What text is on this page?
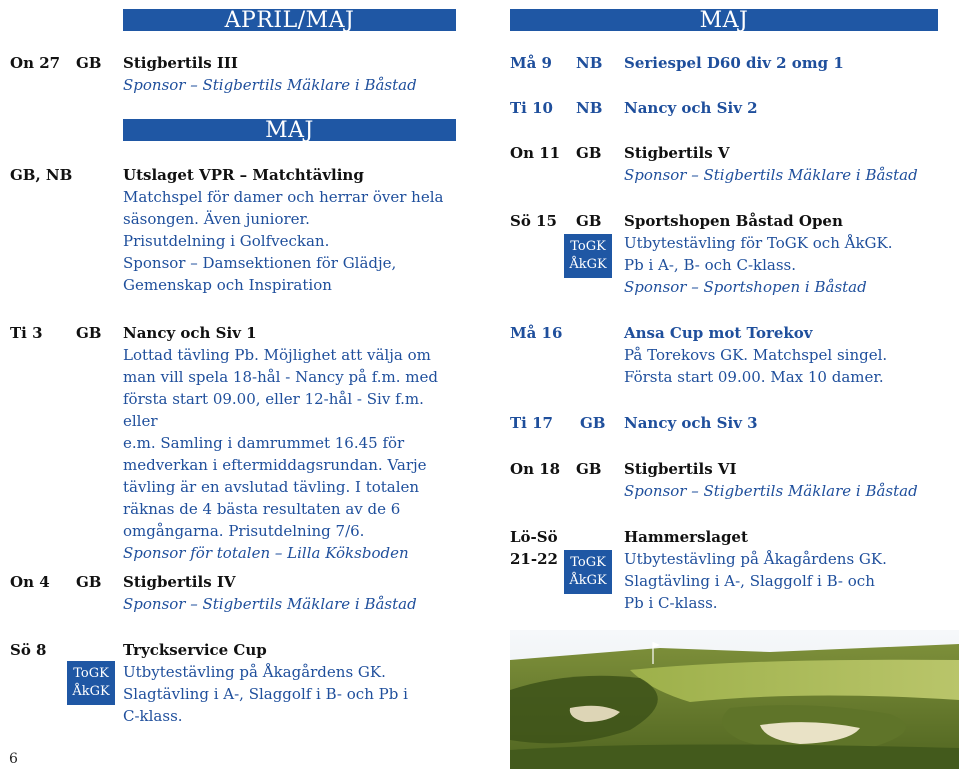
APRIL/MAJ
On 27 GB Stigbertils III
Sponsor – Stigbertils Mäklare i Båstad
MAJ
GB, NB	Utslaget VPR – Matchtävling
Matchspel för damer och herrar över hela
säsongen. Även juniorer.
Prisutdelning i Golfveckan.
Sponsor – Damsektionen för Glädje,
Gemenskap och Inspiration
Ti 3 GB Nancy och Siv 1
Lottad tävling Pb. Möjlighet att välja om
man vill spela 18-hål - Nancy på f.m. med
första start 09.00, eller 12-hål - Siv f.m. eller
e.m. Samling i damrummet 16.45 för
medverkan i eftermiddagsrundan. Varje
tävling är en avslutad tävling. I totalen
räknas de 4 bästa resultaten av de 6
omgångarna. Prisutdelning 7/6.
Sponsor för totalen – Lilla Köksboden
On 4 GB Stigbertils IV
Sponsor – Stigbertils Mäklare i Båstad
Sö 8
ToGK
ÅkGK
Tryckservice Cup
Utbytestävling på Åkagårdens GK.
Slagtävling i A-, Slaggolf i B- och Pb i
C-klass.
6
MAJ
Må 9 NB Seriespel D60 div 2 omg 1
Ti 10 NB Nancy och Siv 2
On 11 GB Stigbertils V
Sponsor – Stigbertils Mäklare i Båstad
Sö 15 GB
ToGK
ÅkGK
Sportshopen Båstad Open
Utbytestävling för ToGK och ÅkGK.
Pb i A-, B- och C-klass.
Sponsor – Sportshopen i Båstad
Må 16	Ansa Cup mot Torekov
På Torekovs GK. Matchspel singel.
Första start 09.00. Max 10 damer.
Ti 17 GB Nancy och Siv 3
On 18 GB Stigbertils VI
Sponsor – Stigbertils Mäklare i Båstad
Lö-Sö
21-22 ToGK
ÅkGK
Hammerslaget
Utbytestävling på Åkagårdens GK.
Slagtävling i A-, Slaggolf i B- och
Pb i C-klass.
